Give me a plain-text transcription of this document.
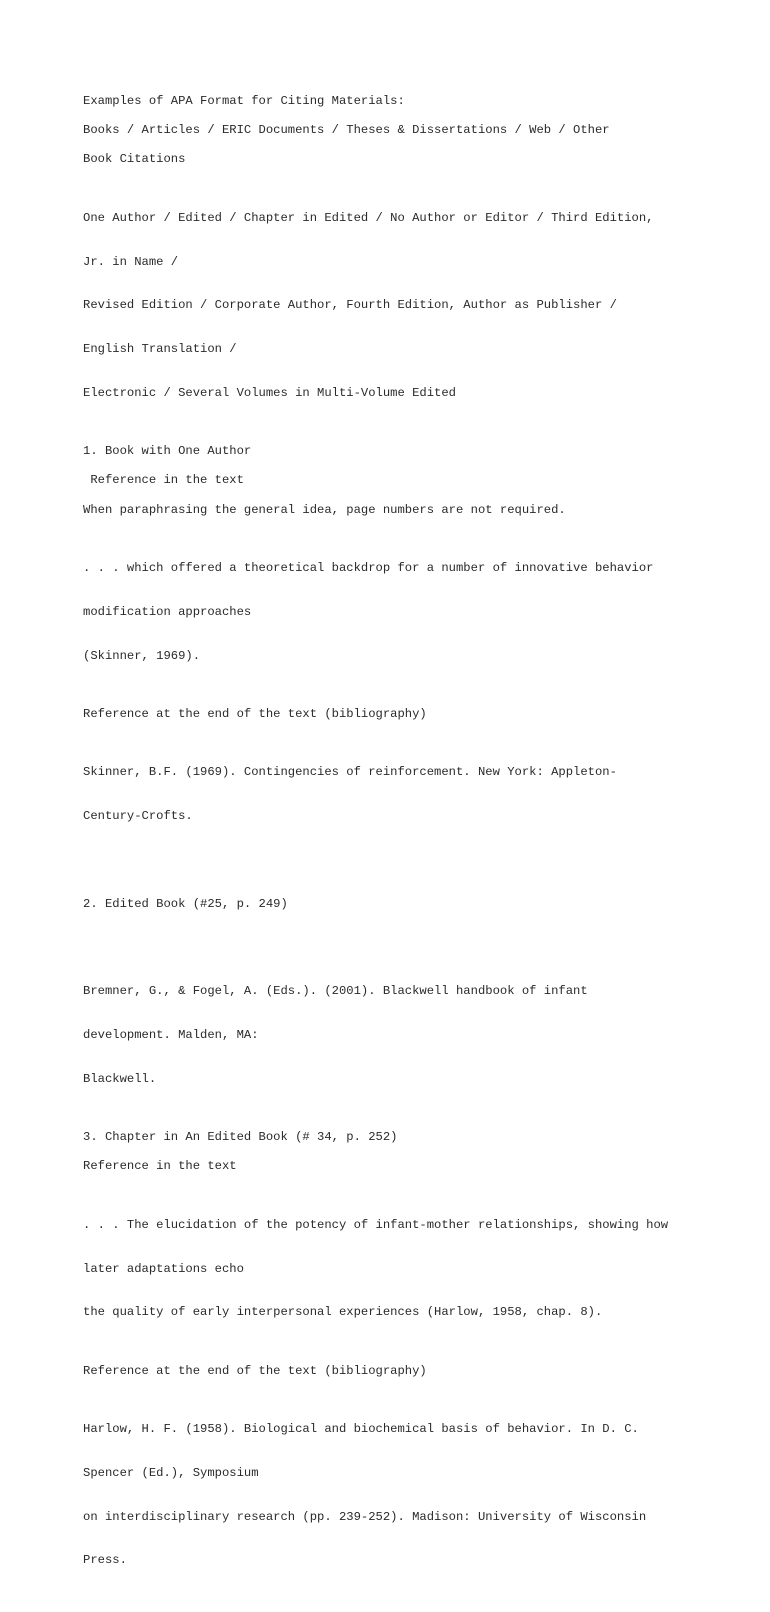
Examples of APA Format for Citing Materials:

Books / Articles / ERIC Documents / Theses & Dissertations / Web / Other

Book Citations

One Author / Edited / Chapter in Edited / No Author or Editor / Third Edition,

Jr. in Name /

Revised Edition / Corporate Author, Fourth Edition, Author as Publisher /

English Translation /

Electronic / Several Volumes in Multi-Volume Edited

1. Book with One Author

Reference in the text

When paraphrasing the general idea, page numbers are not required.

. . . which offered a theoretical backdrop for a number of innovative behavior

modification approaches

(Skinner, 1969).

Reference at the end of the text (bibliography)

Skinner, B.F. (1969). Contingencies of reinforcement. New York: Appleton-

Century-Crofts.

2. Edited Book (#25, p. 249)

Bremner, G., & Fogel, A. (Eds.). (2001). Blackwell handbook of infant

development. Malden, MA:

Blackwell.

3. Chapter in An Edited Book (# 34, p. 252)

Reference in the text

. . . The elucidation of the potency of infant-mother relationships, showing how

later adaptations echo

the quality of early interpersonal experiences (Harlow, 1958, chap. 8).

Reference at the end of the text (bibliography)

Harlow, H. F. (1958). Biological and biochemical basis of behavior. In D. C.

Spencer (Ed.), Symposium

on interdisciplinary research (pp. 239-252). Madison: University of Wisconsin

Press.
